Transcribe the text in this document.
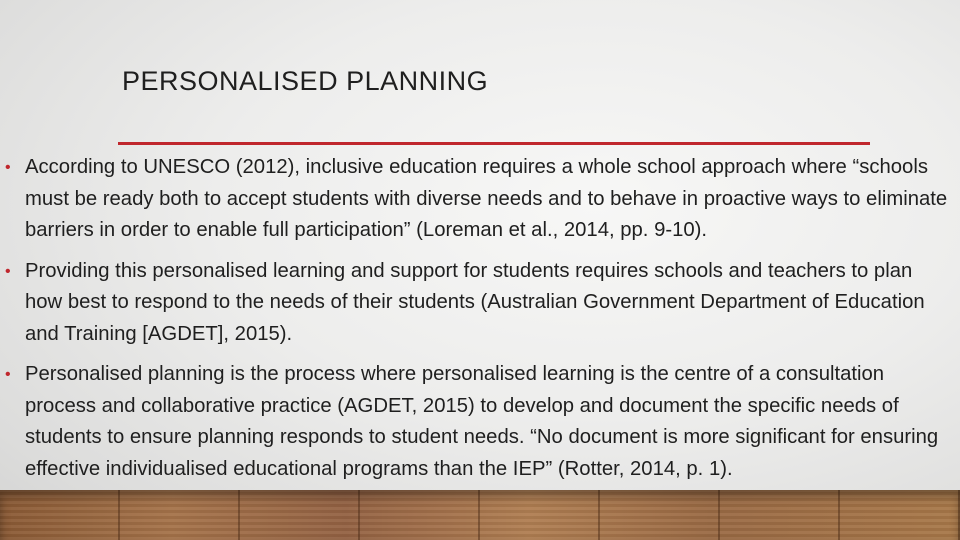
PERSONALISED PLANNING
• According to UNESCO (2012), inclusive education requires a whole school approach where “schools must be ready both to accept students with diverse needs and to behave in proactive ways to eliminate barriers in order to enable full participation” (Loreman et al., 2014, pp. 9-10).
• Providing this personalised learning and support for students requires schools and teachers to plan how best to respond to the needs of their students (Australian Government Department of Education and Training [AGDET], 2015).
• Personalised planning is the process where personalised learning is the centre of a consultation process and collaborative practice (AGDET, 2015) to develop and document the specific needs of students to ensure planning responds to student needs. “No document is more significant for ensuring effective individualised educational programs than the IEP” (Rotter, 2014, p. 1).
